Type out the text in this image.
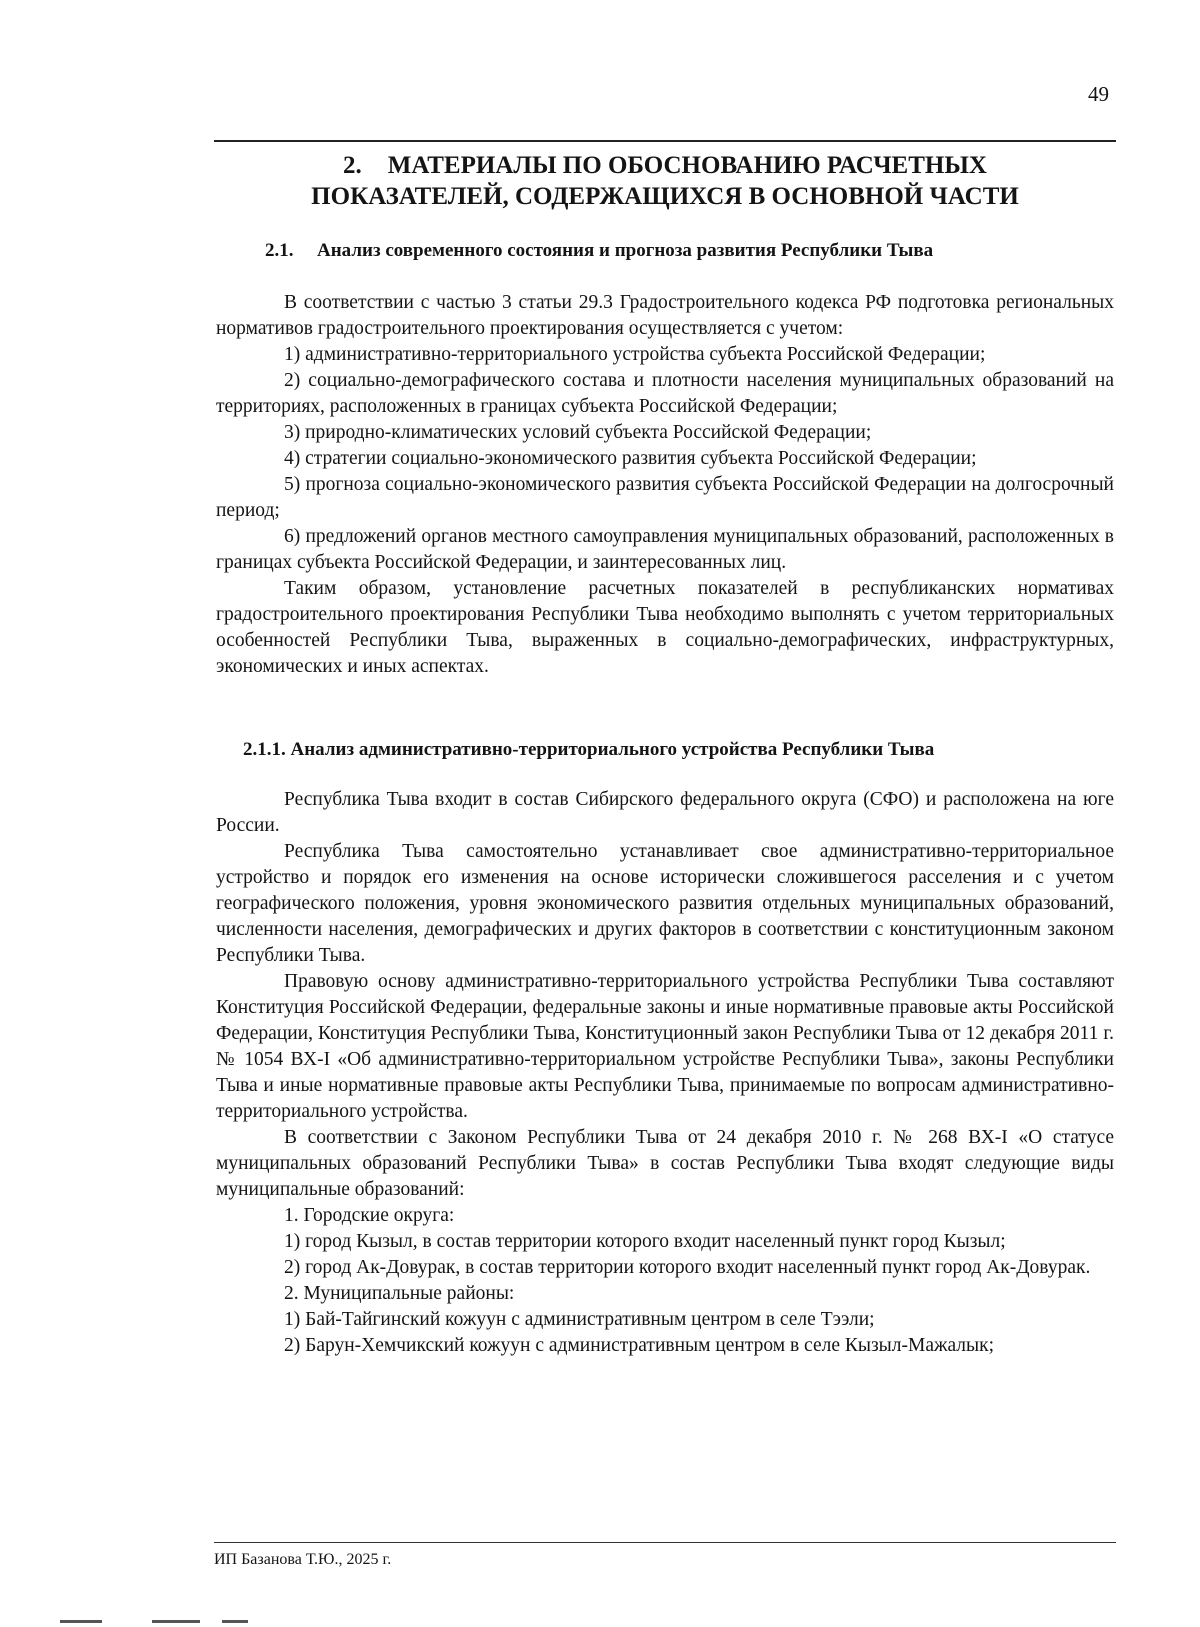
49
2. МАТЕРИАЛЫ ПО ОБОСНОВАНИЮ РАСЧЕТНЫХ
ПОКАЗАТЕЛЕЙ, СОДЕРЖАЩИХСЯ В ОСНОВНОЙ ЧАСТИ
2.1. Анализ современного состояния и прогноза развития Республики Тыва

В соответствии с частью 3 статьи 29.3 Градостроительного кодекса РФ подготовка региональных нормативов градостроительного проектирования осуществляется с учетом:

1) административно-территориального устройства субъекта Российской Федерации;

2) социально-демографического состава и плотности населения муниципальных образований на территориях, расположенных в границах субъекта Российской Федерации;

3) природно-климатических условий субъекта Российской Федерации;

4) стратегии социально-экономического развития субъекта Российской Федерации;

5) прогноза социально-экономического развития субъекта Российской Федерации на долгосрочный период;

6) предложений органов местного самоуправления муниципальных образований, расположенных в границах субъекта Российской Федерации, и заинтересованных лиц.

Таким образом, установление расчетных показателей в республиканских нормативах градостроительного проектирования Республики Тыва необходимо выполнять с учетом территориальных особенностей Республики Тыва, выраженных в социально-демографических, инфраструктурных, экономических и иных аспектах.

2.1.1. Анализ административно-территориального устройства Республики Тыва

Республика Тыва входит в состав Сибирского федерального округа (СФО) и расположена на юге России.

Республика Тыва самостоятельно устанавливает свое административно-территориальное устройство и порядок его изменения на основе исторически сложившегося расселения и с учетом географического положения, уровня экономического развития отдельных муниципальных образований, численности населения, демографических и других факторов в соответствии с конституционным законом Республики Тыва.

Правовую основу административно-территориального устройства Республики Тыва составляют Конституция Российской Федерации, федеральные законы и иные нормативные правовые акты Российской Федерации, Конституция Республики Тыва, Конституционный закон Республики Тыва от 12 декабря 2011 г. № 1054 ВХ-I «Об административно-территориальном устройстве Республики Тыва», законы Республики Тыва и иные нормативные правовые акты Республики Тыва, принимаемые по вопросам административно-территориального устройства.

В соответствии с Законом Республики Тыва от 24 декабря 2010 г. № 268 ВХ-I «О статусе муниципальных образований Республики Тыва» в состав Республики Тыва входят следующие виды муниципальные образований:

1. Городские округа:

1) город Кызыл, в состав территории которого входит населенный пункт город Кызыл;

2) город Ак-Довурак, в состав территории которого входит населенный пункт город Ак-Довурак.

2. Муниципальные районы:

1) Бай-Тайгинский кожуун с административным центром в селе Тээли;

2) Барун-Хемчикский кожуун с административным центром в селе Кызыл-Мажалык;

ИП Базанова Т.Ю., 2025 г.
